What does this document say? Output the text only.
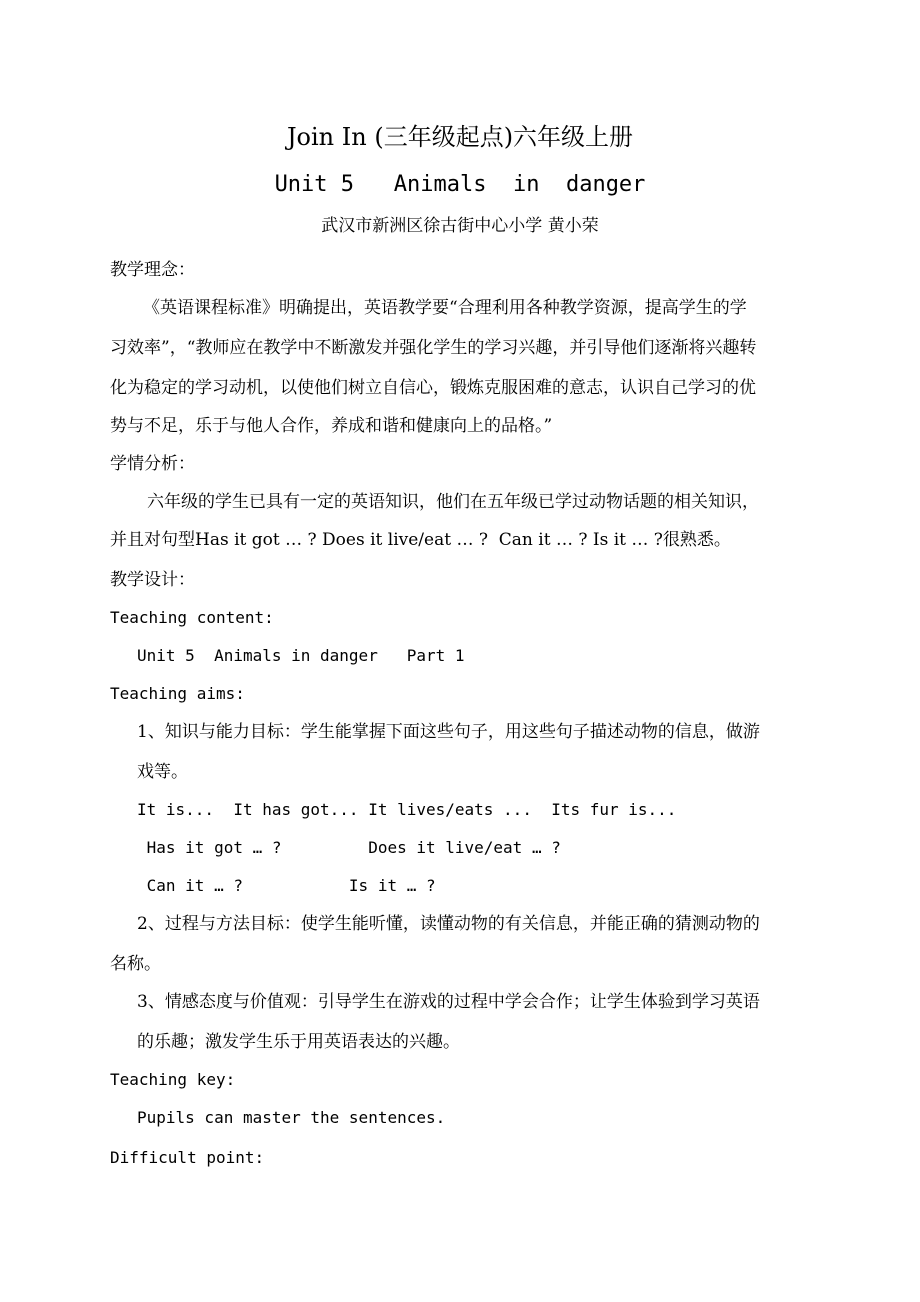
Join In (三年级起点)六年级上册
Unit 5   Animals  in  danger
武汉市新洲区徐古街中心小学 黄小荣
教学理念：
《英语课程标准》明确提出，英语教学要“合理利用各种教学资源，提高学生的学
习效率”，“教师应在教学中不断激发并强化学生的学习兴趣，并引导他们逐渐将兴趣转
化为稳定的学习动机，以使他们树立自信心，锻炼克服困难的意志，认识自己学习的优
势与不足，乐于与他人合作，养成和谐和健康向上的品格。”
学情分析：
六年级的学生已具有一定的英语知识，他们在五年级已学过动物话题的相关知识，
并且对句型Has it got … ? Does it live/eat … ?  Can it … ? Is it … ?很熟悉。
教学设计：
Teaching content:
Unit 5  Animals in danger   Part 1
Teaching aims:
1、知识与能力目标：学生能掌握下面这些句子，用这些句子描述动物的信息，做游
戏等。
It is...  It has got... It lives/eats ...  Its fur is...
Has it got … ?         Does it live/eat … ?
Can it … ?           Is it … ?
2、过程与方法目标：使学生能听懂，读懂动物的有关信息，并能正确的猜测动物的
名称。
3、情感态度与价值观：引导学生在游戏的过程中学会合作；让学生体验到学习英语
的乐趣；激发学生乐于用英语表达的兴趣。
Teaching key:
Pupils can master the sentences.
Difficult point:
